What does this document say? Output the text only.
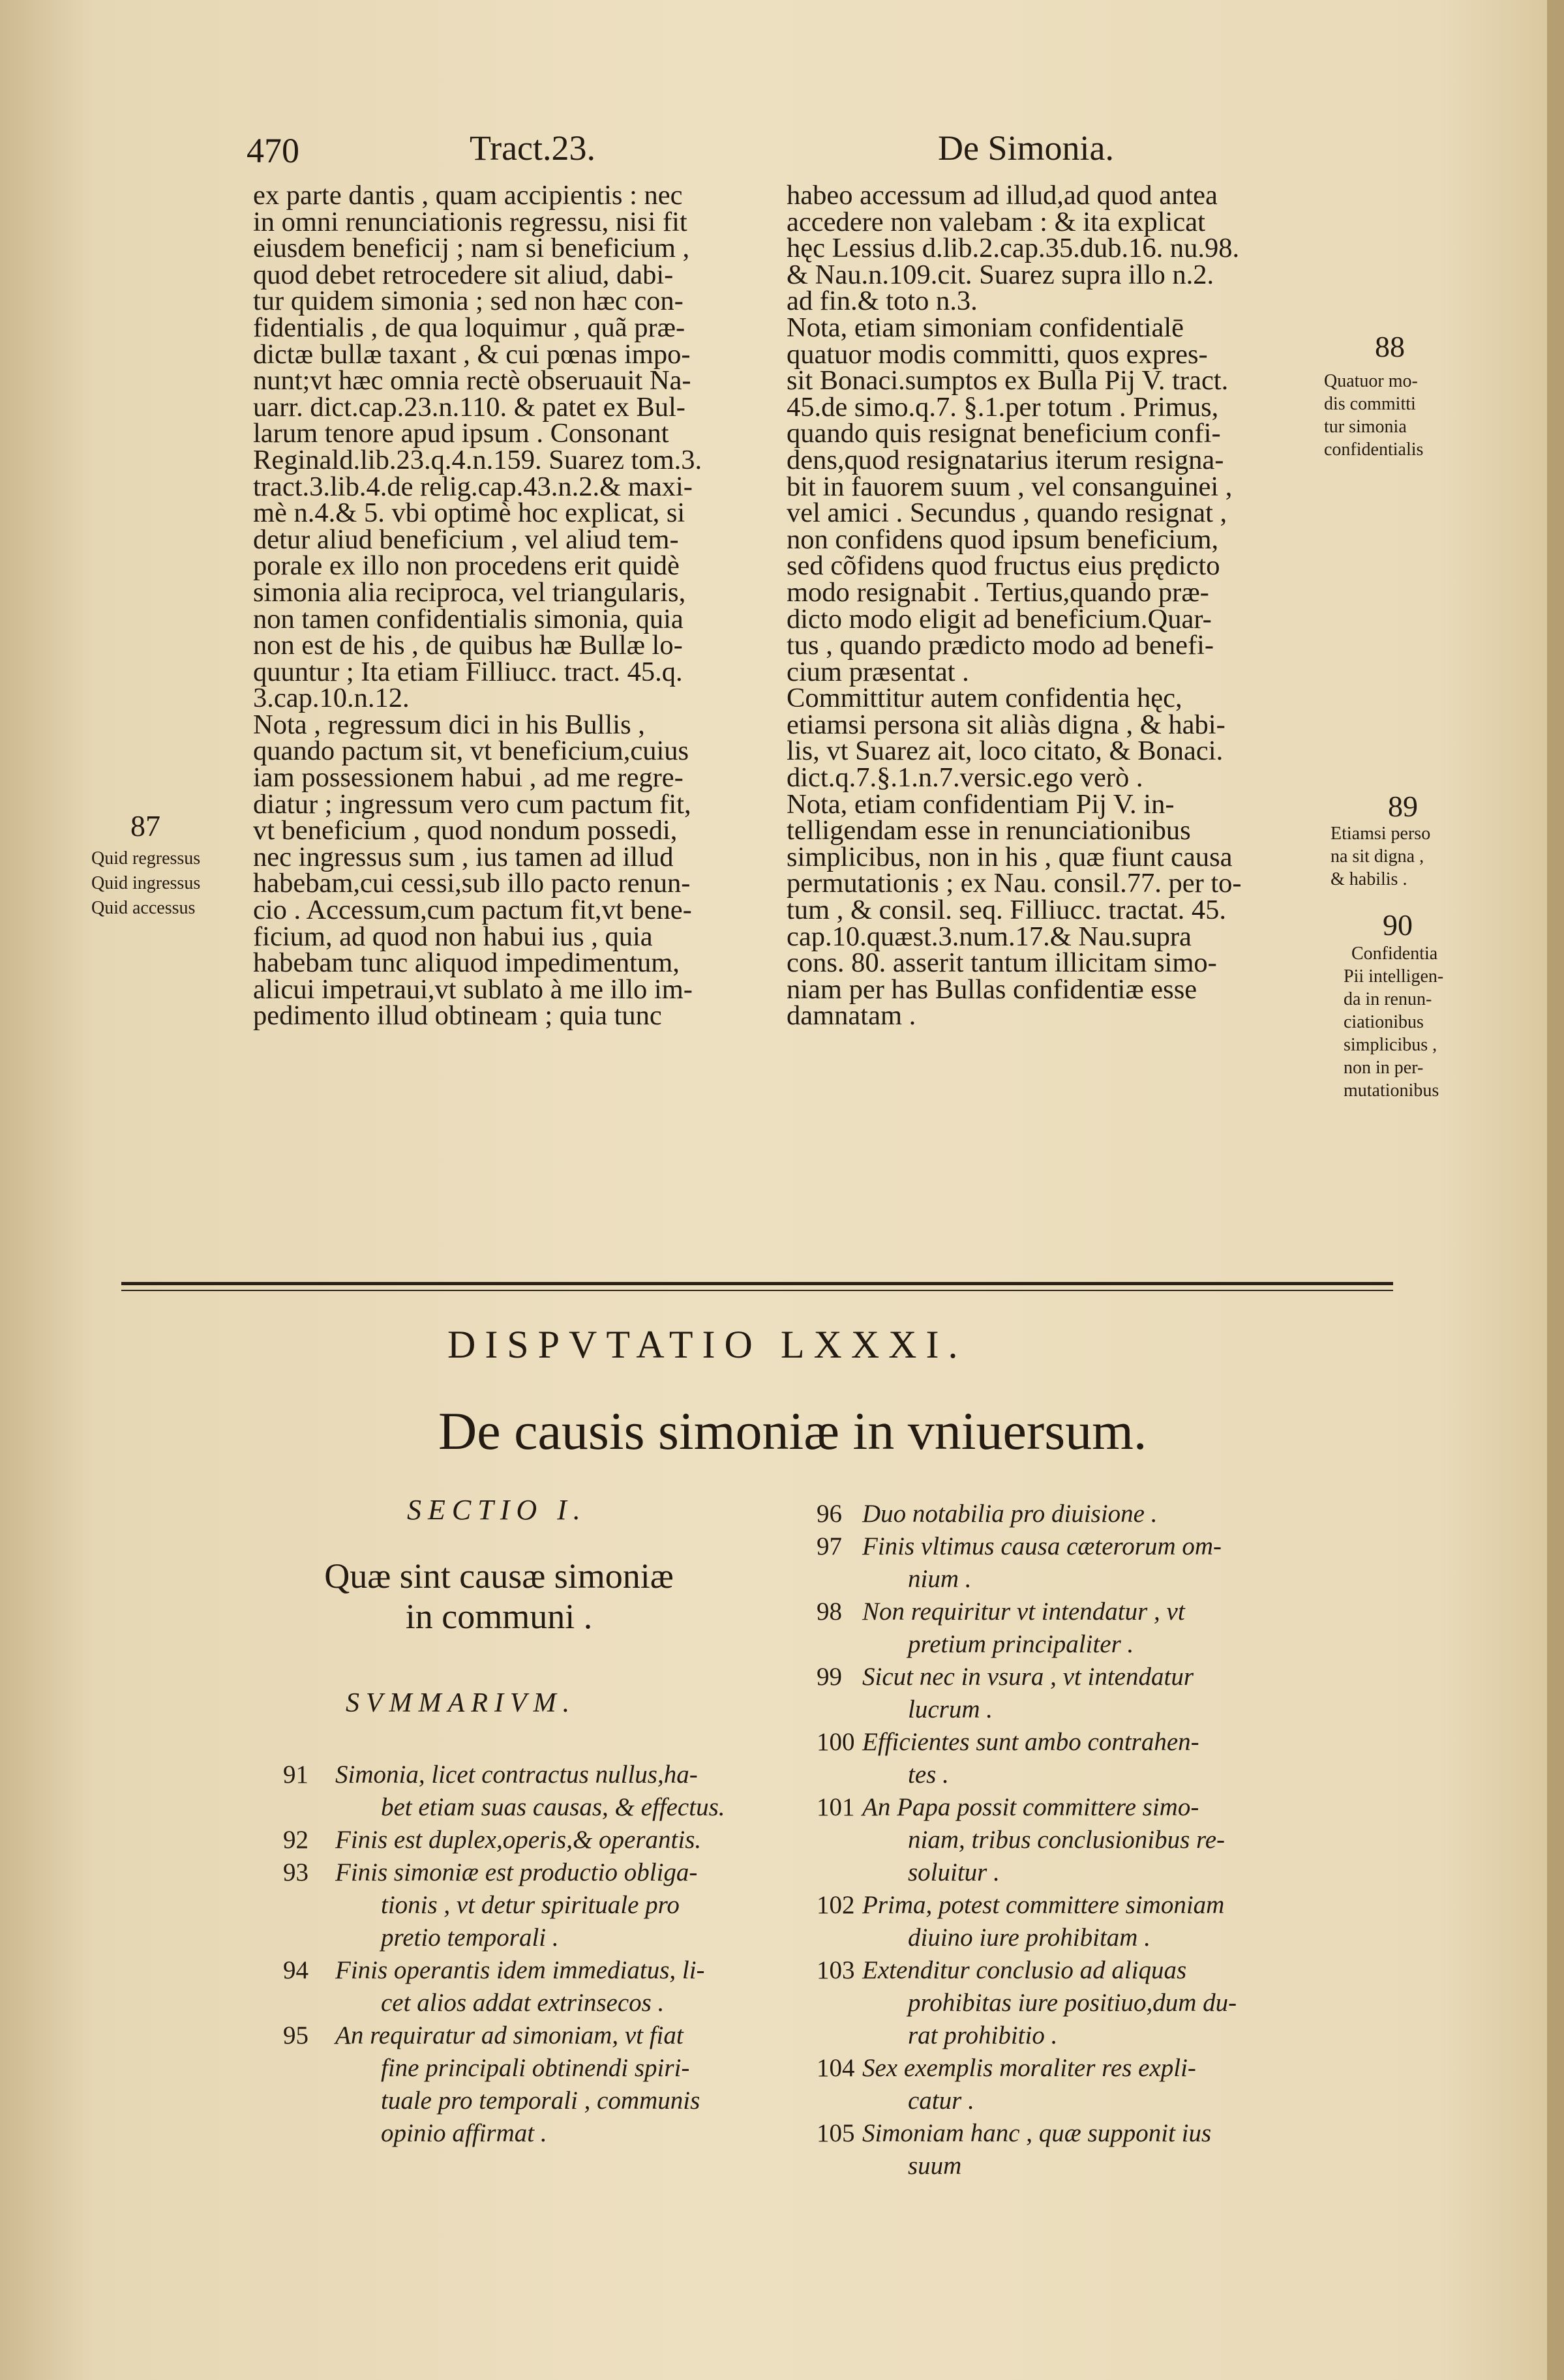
470	Tract.23.	De Simonia.
ex parte dantis , quam accipientis : nec
in omni renunciationis regressu, nisi fit
eiusdem beneficij ; nam si beneficium ,
quod debet retrocedere sit aliud, dabi-
tur quidem simonia ; sed non hæc con-
fidentialis , de qua loquimur , quã præ-
dictæ bullæ taxant , & cui pœnas impo-
nunt;vt hæc omnia rectè obseruauit Na-
uarr. dict.cap.23.n.110. & patet ex Bul-
larum tenore apud ipsum . Consonant
Reginald.lib.23.q.4.n.159. Suarez tom.3.
tract.3.lib.4.de relig.cap.43.n.2.& maxi-
mè n.4.& 5. vbi optimè hoc explicat, si
detur aliud beneficium , vel aliud tem-
porale ex illo non procedens erit quidè
simonia alia reciproca, vel triangularis,
non tamen confidentialis simonia, quia
non est de his , de quibus hæ Bullæ lo-
quuntur ; Ita etiam Filliucc. tract. 45.q.
3.cap.10.n.12.
Nota , regressum dici in his Bullis ,
quando pactum sit, vt beneficium,cuius
iam possessionem habui , ad me regre-
diatur ; ingressum vero cum pactum fit,
vt beneficium , quod nondum possedi,
nec ingressus sum , ius tamen ad illud
habebam,cui cessi,sub illo pacto renun-
cio . Accessum,cum pactum fit,vt bene-
ficium, ad quod non habui ius , quia
habebam tunc aliquod impedimentum,
alicui impetraui,vt sublato à me illo im-
pedimento illud obtineam ; quia tunc
habeo accessum ad illud,ad quod antea
accedere non valebam : & ita explicat
hęc Lessius d.lib.2.cap.35.dub.16. nu.98.
& Nau.n.109.cit. Suarez supra illo n.2.
ad fin.& toto n.3.
Nota, etiam simoniam confidentialē
quatuor modis committi, quos expres-
sit Bonaci.sumptos ex Bulla Pij V. tract.
45.de simo.q.7. §.1.per totum . Primus,
quando quis resignat beneficium confi-
dens,quod resignatarius iterum resigna-
bit in fauorem suum , vel consanguinei ,
vel amici . Secundus , quando resignat ,
non confidens quod ipsum beneficium,
sed cõfidens quod fructus eius prędicto
modo resignabit . Tertius,quando præ-
dicto modo eligit ad beneficium.Quar-
tus , quando prædicto modo ad benefi-
cium præsentat .
Committitur autem confidentia hęc,
etiamsi persona sit aliàs digna , & habi-
lis, vt Suarez ait, loco citato, & Bonaci.
dict.q.7.§.1.n.7.versic.ego verò .
Nota, etiam confidentiam Pij V. in-
telligendam esse in renunciationibus
simplicibus, non in his , quæ fiunt causa
permutationis ; ex Nau. consil.77. per to-
tum , & consil. seq. Filliucc. tractat. 45.
cap.10.quæst.3.num.17.& Nau.supra
cons. 80. asserit tantum illicitam simo-
niam per has Bullas confidentiæ esse
damnatam .
87
Quid regressus
Quid ingressus
Quid accessus
88
Quatuor mo-
dis committi
tur simonia
confidentialis
89
Etiamsi perso
na sit digna ,
& habilis .
90
Confidentia
Pii intelligen-
da in renun-
ciationibus
simplicibus ,
non in per-
mutationibus
DISPVTATIO LXXXI.
De causis simoniæ in vniuersum.
SECTIO I.
Quæ sint causæ simoniæ
in communi .
SVMMARIVM.
91 Simonia, licet contractus nullus,ha-
bet etiam suas causas, & effectus.
92 Finis est duplex,operis,& operantis.
93 Finis simoniæ est productio obliga-
tionis , vt detur spirituale pro
pretio temporali .
94 Finis operantis idem immediatus, li-
cet alios addat extrinsecos .
95 An requiratur ad simoniam, vt fiat
fine principali obtinendi spiri-
tuale pro temporali , communis
opinio affirmat .
96 Duo notabilia pro diuisione .
97 Finis vltimus causa cæterorum om-
nium .
98 Non requiritur vt intendatur , vt
pretium principaliter .
99 Sicut nec in vsura , vt intendatur
lucrum .
100 Efficientes sunt ambo contrahen-
tes .
101 An Papa possit committere simo-
niam, tribus conclusionibus re-
soluitur .
102 Prima, potest committere simoniam
diuino iure prohibitam .
103 Extenditur conclusio ad aliquas
prohibitas iure positiuo,dum du-
rat prohibitio .
104 Sex exemplis moraliter res expli-
catur .
105 Simoniam hanc , quæ supponit ius
suum
